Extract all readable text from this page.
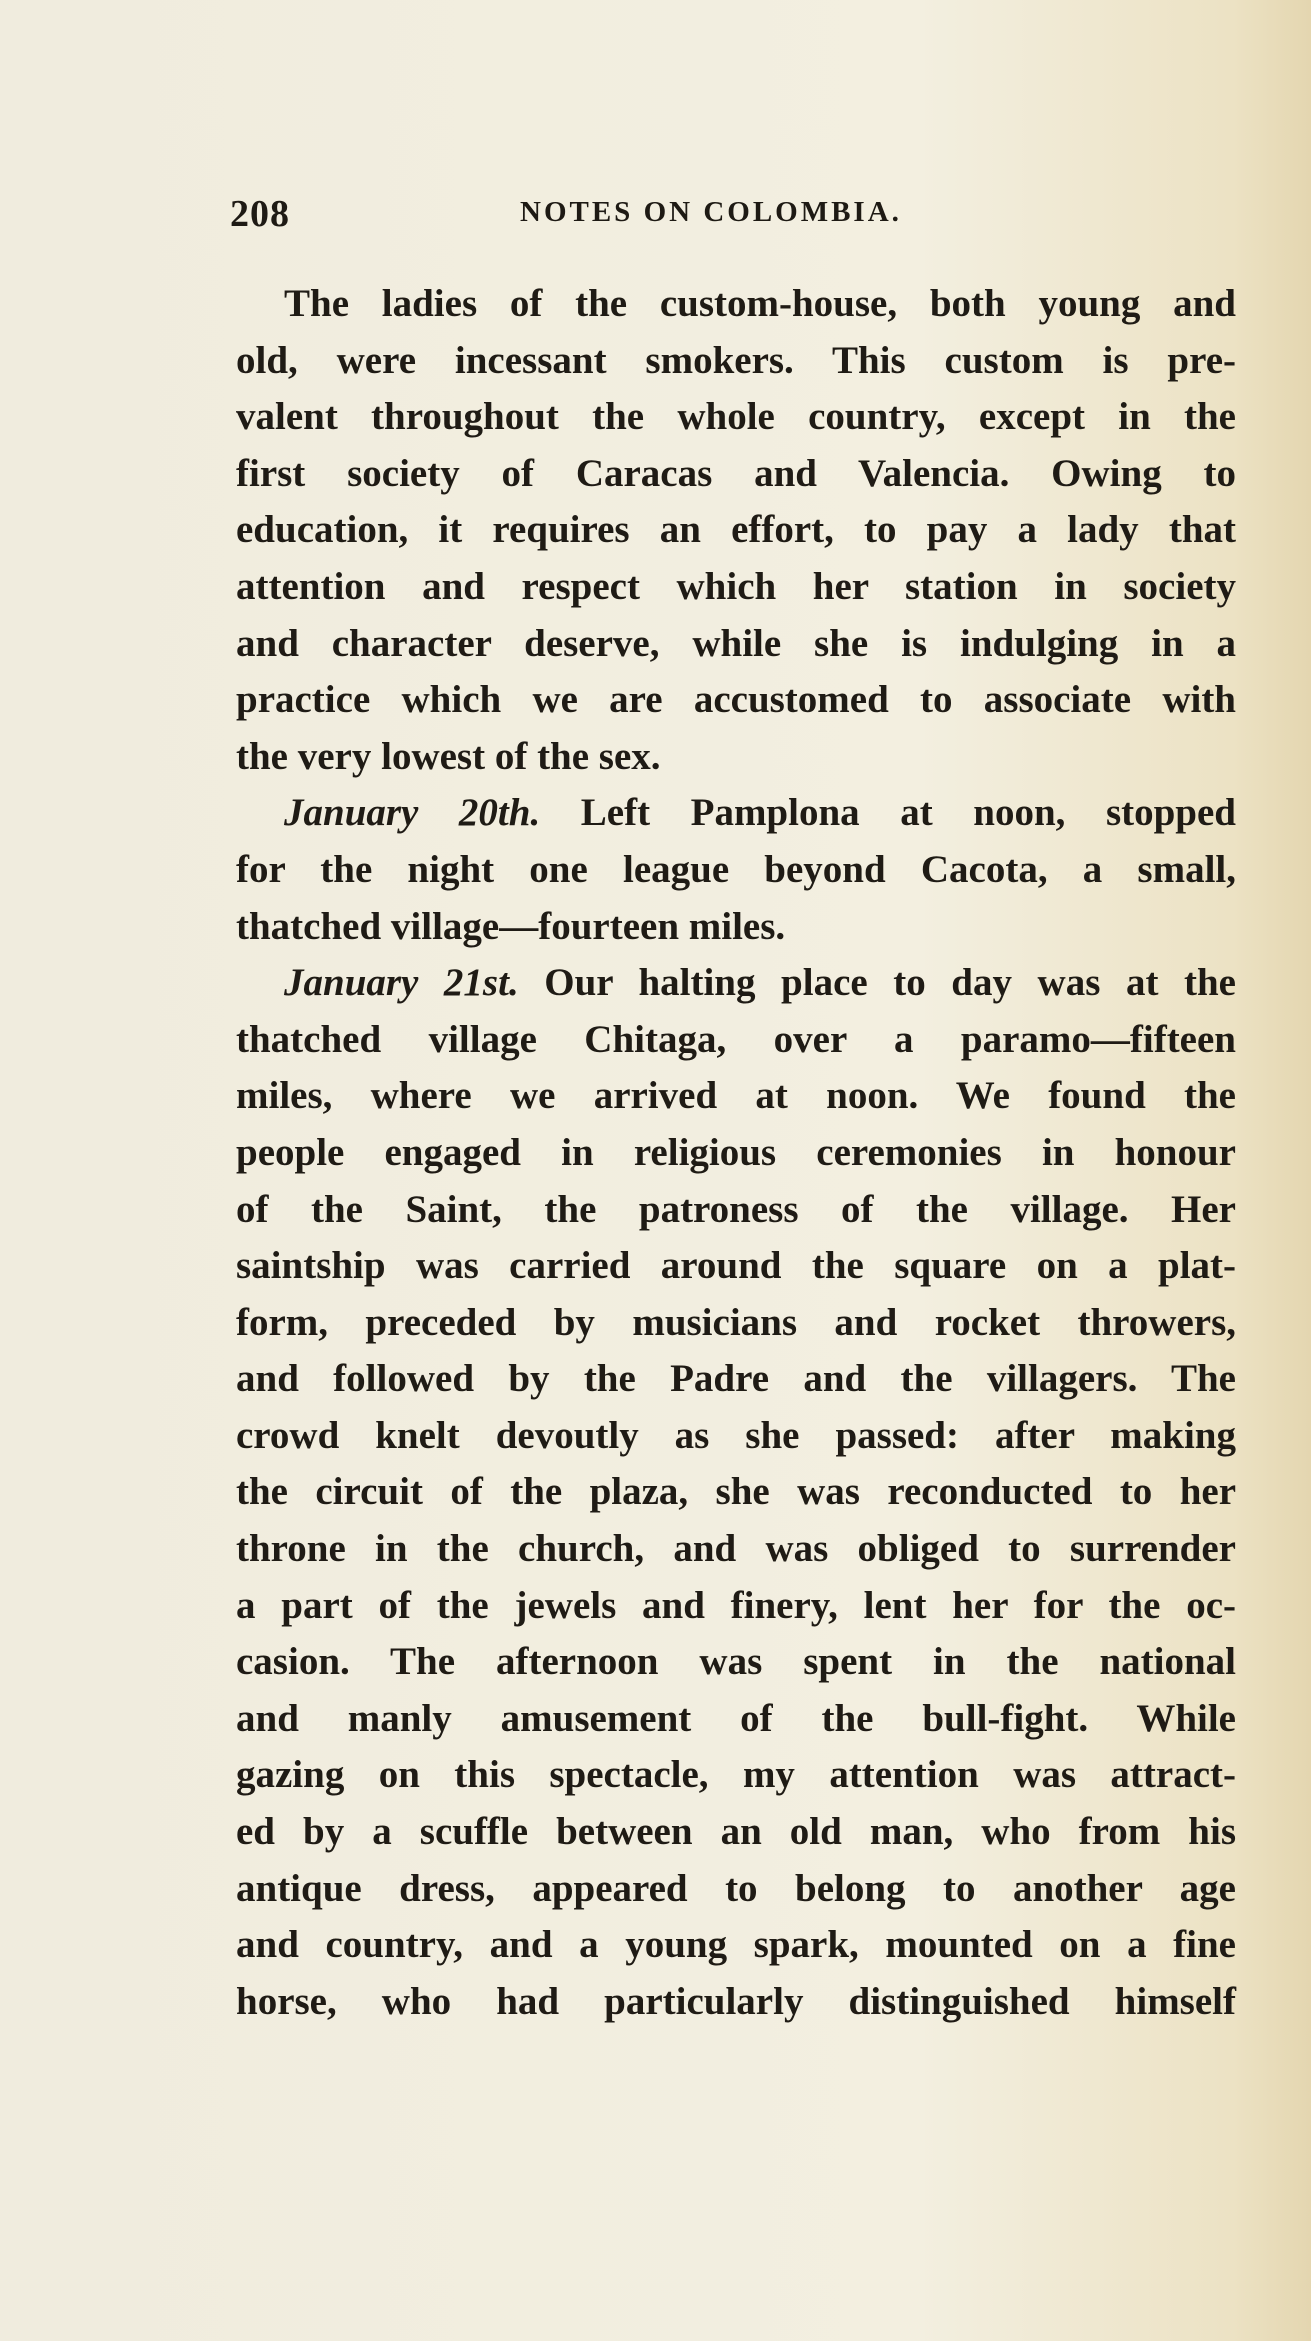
208	NOTES ON COLOMBIA.
The ladies of the custom-house, both young and
old, were incessant smokers. This custom is pre-
valent throughout the whole country, except in the
first society of Caracas and Valencia. Owing to
education, it requires an effort, to pay a lady that
attention and respect which her station in society
and character deserve, while she is indulging in a
practice which we are accustomed to associate with
the very lowest of the sex.
January 20th. Left Pamplona at noon, stopped
for the night one league beyond Cacota, a small,
thatched village—fourteen miles.
January 21st. Our halting place to day was at the
thatched village Chitaga, over a paramo—fifteen
miles, where we arrived at noon. We found the
people engaged in religious ceremonies in honour
of the Saint, the patroness of the village. Her
saintship was carried around the square on a plat-
form, preceded by musicians and rocket throwers,
and followed by the Padre and the villagers. The
crowd knelt devoutly as she passed: after making
the circuit of the plaza, she was reconducted to her
throne in the church, and was obliged to surrender
a part of the jewels and finery, lent her for the oc-
casion. The afternoon was spent in the national
and manly amusement of the bull-fight. While
gazing on this spectacle, my attention was attract-
ed by a scuffle between an old man, who from his
antique dress, appeared to belong to another age
and country, and a young spark, mounted on a fine
horse, who had particularly distinguished himself
